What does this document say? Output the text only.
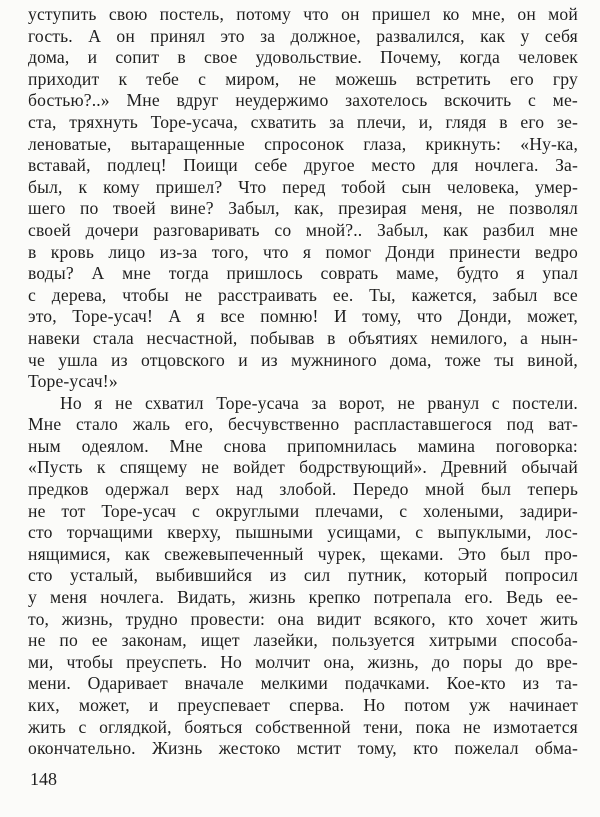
уступить свою постель, потому что он пришел ко мне, он мой
гость. А он принял это за должное, развалился, как у себя
дома, и сопит в свое удовольствие. Почему, когда человек
приходит к тебе с миром, не можешь встретить его гру
бостью?..» Мне вдруг неудержимо захотелось вскочить с ме-
ста, тряхнуть Торе-усача, схватить за плечи, и, глядя в его зе-
леноватые, вытаращенные спросонок глаза, крикнуть: «Ну-ка,
вставай, подлец! Поищи себе другое место для ночлега. За-
был, к кому пришел? Что перед тобой сын человека, умер-
шего по твоей вине? Забыл, как, презирая меня, не позволял
своей дочери разговаривать со мной?.. Забыл, как разбил мне
в кровь лицо из-за того, что я помог Донди принести ведро
воды? А мне тогда пришлось соврать маме, будто я упал
с дерева, чтобы не расстраивать ее. Ты, кажется, забыл все
это, Торе-усач! А я все помню! И тому, что Донди, может,
навеки стала несчастной, побывав в объятиях немилого, а нын-
че ушла из отцовского и из мужниного дома, тоже ты виной,
Торе-усач!»
Но я не схватил Торе-усача за ворот, не рванул с постели.
Мне стало жаль его, бесчувственно распластавшегося под ват-
ным одеялом. Мне снова припомнилась мамина поговорка:
«Пусть к спящему не войдет бодрствующий». Древний обычай
предков одержал верх над злобой. Передо мной был теперь
не тот Торе-усач с округлыми плечами, с холеными, задири-
сто торчащими кверху, пышными усищами, с выпуклыми, лос-
нящимися, как свежевыпеченный чурек, щеками. Это был про-
сто усталый, выбившийся из сил путник, который попросил
у меня ночлега. Видать, жизнь крепко потрепала его. Ведь ее-
то, жизнь, трудно провести: она видит всякого, кто хочет жить
не по ее законам, ищет лазейки, пользуется хитрыми способа-
ми, чтобы преуспеть. Но молчит она, жизнь, до поры до вре-
мени. Одаривает вначале мелкими подачками. Кое-кто из та-
ких, может, и преуспевает сперва. Но потом уж начинает
жить с оглядкой, бояться собственной тени, пока не измотается
окончательно. Жизнь жестоко мстит тому, кто пожелал обма-
148
